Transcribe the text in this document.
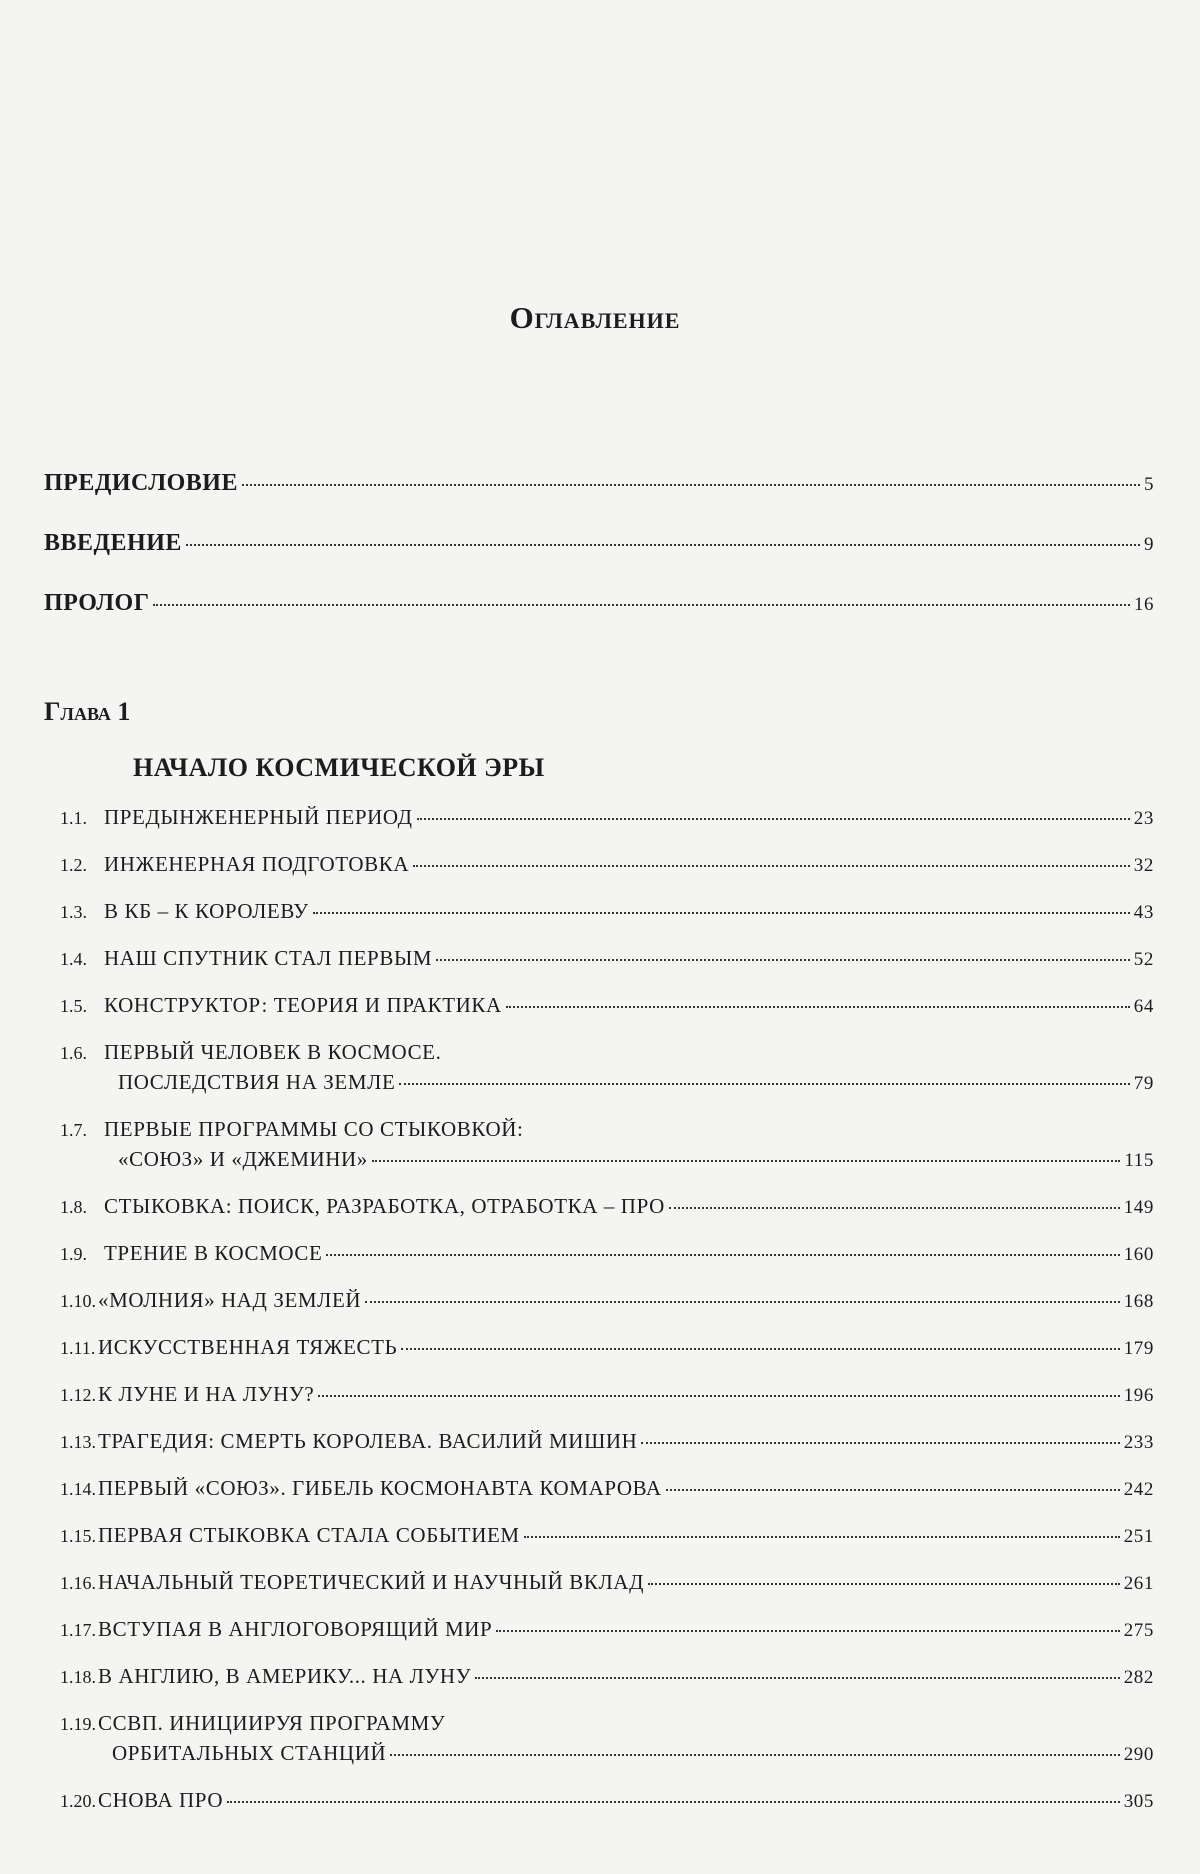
Оглавление
ПРЕДИСЛОВИЕ	5
ВВЕДЕНИЕ	9
ПРОЛОГ	16
Глава 1
НАЧАЛО КОСМИЧЕСКОЙ ЭРЫ
1.1. ПРЕДЫНЖЕНЕРНЫЙ ПЕРИОД	23
1.2. ИНЖЕНЕРНАЯ ПОДГОТОВКА	32
1.3. В КБ – К КОРОЛЕВУ	43
1.4. НАШ СПУТНИК СТАЛ ПЕРВЫМ	52
1.5. КОНСТРУКТОР: ТЕОРИЯ И ПРАКТИКА	64
1.6. ПЕРВЫЙ ЧЕЛОВЕК В КОСМОСЕ.
ПОСЛЕДСТВИЯ НА ЗЕМЛЕ	79
1.7. ПЕРВЫЕ ПРОГРАММЫ СО СТЫКОВКОЙ:
«СОЮЗ» И «ДЖЕМИНИ»	115
1.8. СТЫКОВКА: ПОИСК, РАЗРАБОТКА, ОТРАБОТКА – ПРО	149
1.9. ТРЕНИЕ В КОСМОСЕ	160
1.10. «МОЛНИЯ» НАД ЗЕМЛЕЙ	168
1.11. ИСКУССТВЕННАЯ ТЯЖЕСТЬ	179
1.12. К ЛУНЕ И НА ЛУНУ?	196
1.13. ТРАГЕДИЯ: СМЕРТЬ КОРОЛЕВА. ВАСИЛИЙ МИШИН	233
1.14. ПЕРВЫЙ «СОЮЗ». ГИБЕЛЬ КОСМОНАВТА КОМАРОВА	242
1.15. ПЕРВАЯ СТЫКОВКА СТАЛА СОБЫТИЕМ	251
1.16. НАЧАЛЬНЫЙ ТЕОРЕТИЧЕСКИЙ И НАУЧНЫЙ ВКЛАД	261
1.17. ВСТУПАЯ В АНГЛОГОВОРЯЩИЙ МИР	275
1.18. В АНГЛИЮ, В АМЕРИКУ... НА ЛУНУ	282
1.19. ССВП. ИНИЦИИРУЯ ПРОГРАММУ
ОРБИТАЛЬНЫХ СТАНЦИЙ	290
1.20. СНОВА ПРО	305
